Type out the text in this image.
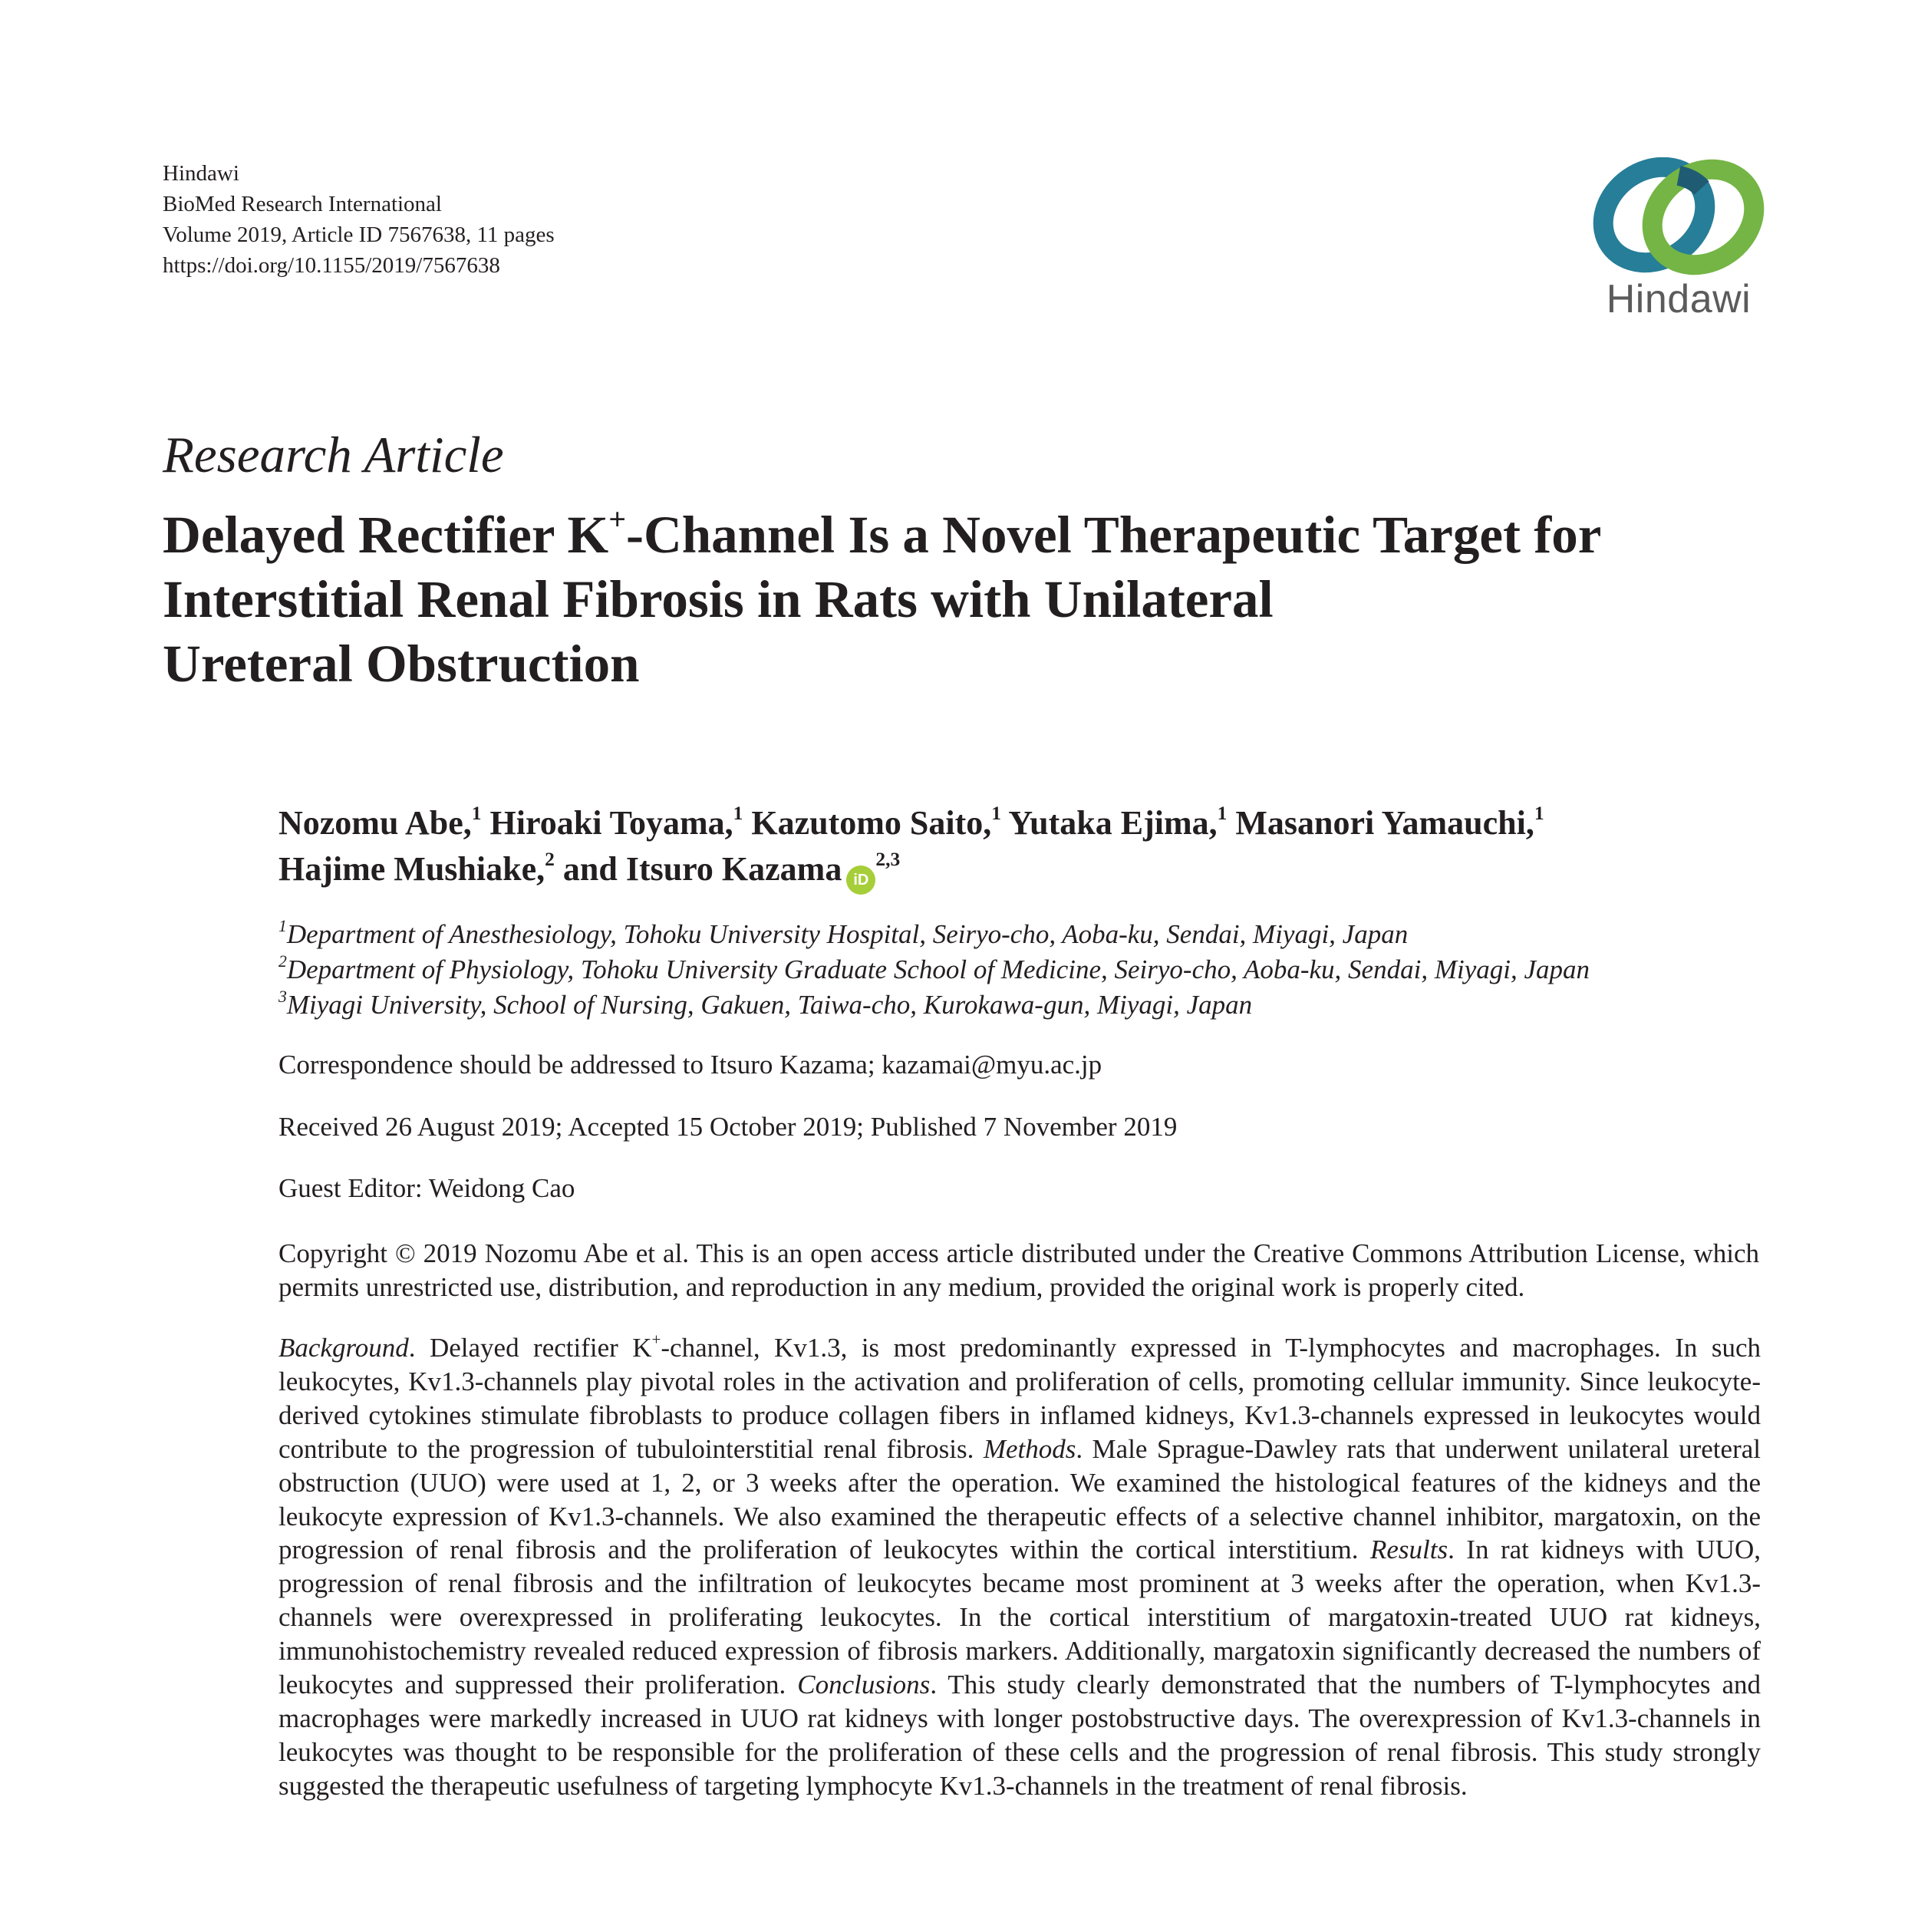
Hindawi
BioMed Research International
Volume 2019, Article ID 7567638, 11 pages
https://doi.org/10.1155/2019/7567638
Hindawi
Research Article
Delayed Rectifier K+-Channel Is a Novel Therapeutic Target for
Interstitial Renal Fibrosis in Rats with Unilateral
Ureteral Obstruction
Nozomu Abe,$^1$ Hiroaki Toyama,$^1$ Kazutomo Saito,$^1$ Yutaka Ejima,$^1$ Masanori Yamauchi,$^1$
Hajime Mushiake,$^2$ and Itsuro Kazama iD$^{2,3}$
$^1$Department of Anesthesiology, Tohoku University Hospital, Seiryo-cho, Aoba-ku, Sendai, Miyagi, Japan
$^2$Department of Physiology, Tohoku University Graduate School of Medicine, Seiryo-cho, Aoba-ku, Sendai, Miyagi, Japan
$^3$Miyagi University, School of Nursing, Gakuen, Taiwa-cho, Kurokawa-gun, Miyagi, Japan
Correspondence should be addressed to Itsuro Kazama; kazamai@myu.ac.jp
Received 26 August 2019; Accepted 15 October 2019; Published 7 November 2019
Guest Editor: Weidong Cao
Copyright © 2019 Nozomu Abe et al. This is an open access article distributed under the Creative Commons Attribution License, which permits unrestricted use, distribution, and reproduction in any medium, provided the original work is properly cited.
Background. Delayed rectifier K+-channel, Kv1.3, is most predominantly expressed in T-lymphocytes and macrophages. In such leukocytes, Kv1.3-channels play pivotal roles in the activation and proliferation of cells, promoting cellular immunity. Since leukocyte-derived cytokines stimulate fibroblasts to produce collagen fibers in inflamed kidneys, Kv1.3-channels expressed in leukocytes would contribute to the progression of tubulointerstitial renal fibrosis. Methods. Male Sprague-Dawley rats that underwent unilateral ureteral obstruction (UUO) were used at 1, 2, or 3 weeks after the operation. We examined the histological features of the kidneys and the leukocyte expression of Kv1.3-channels. We also examined the therapeutic effects of a selective channel inhibitor, margatoxin, on the progression of renal fibrosis and the proliferation of leukocytes within the cortical interstitium. Results. In rat kidneys with UUO, progression of renal fibrosis and the infiltration of leukocytes became most prominent at 3 weeks after the operation, when Kv1.3-channels were overexpressed in proliferating leukocytes. In the cortical interstitium of margatoxin-treated UUO rat kidneys, immunohistochemistry revealed reduced expression of fibrosis markers. Additionally, margatoxin significantly decreased the numbers of leukocytes and suppressed their proliferation. Conclusions. This study clearly demonstrated that the numbers of T-lymphocytes and macrophages were markedly increased in UUO rat kidneys with longer postobstructive days. The overexpression of Kv1.3-channels in leukocytes was thought to be responsible for the proliferation of these cells and the progression of renal fibrosis. This study strongly suggested the therapeutic usefulness of targeting lymphocyte Kv1.3-channels in the treatment of renal fibrosis.
